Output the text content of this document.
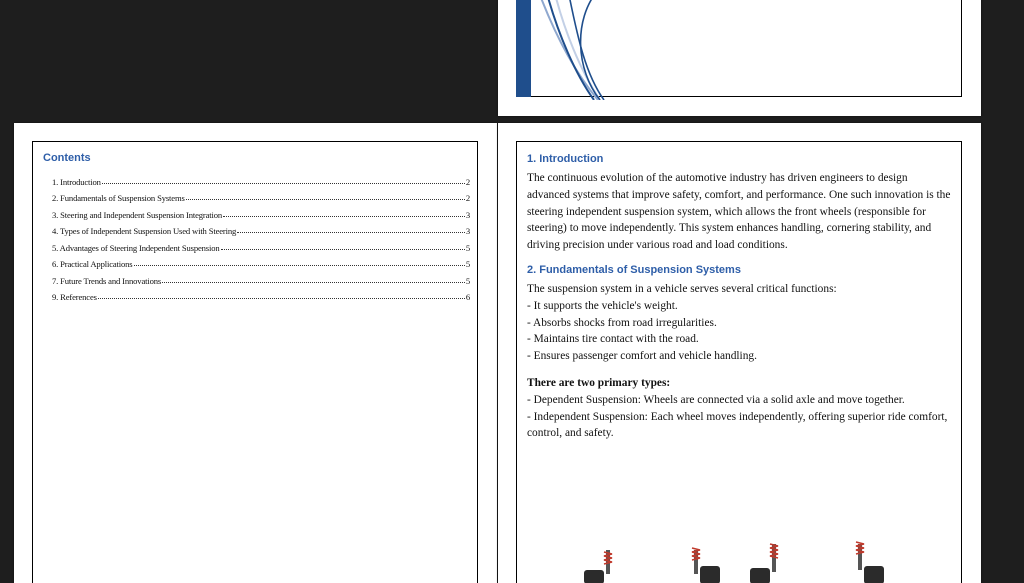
Contents
1. Introduction	2
2. Fundamentals of Suspension Systems	2
3. Steering and Independent Suspension Integration	3
4. Types of Independent Suspension Used with Steering	3
5. Advantages of Steering Independent Suspension	5
6. Practical Applications	5
7. Future Trends and Innovations	5
9. References	6
1. Introduction

The continuous evolution of the automotive industry has driven engineers to design advanced systems that improve safety, comfort, and performance. One such innovation is the steering independent suspension system, which allows the front wheels (responsible for steering) to move independently. This system enhances handling, cornering stability, and driving precision under various road and load conditions.

2. Fundamentals of Suspension Systems

The suspension system in a vehicle serves several critical functions:

- It supports the vehicle's weight.

- Absorbs shocks from road irregularities.

- Maintains tire contact with the road.

- Ensures passenger comfort and vehicle handling.

There are two primary types:

- Dependent Suspension: Wheels are connected via a solid axle and move together.

- Independent Suspension: Each wheel moves independently, offering superior ride comfort, control, and safety.
